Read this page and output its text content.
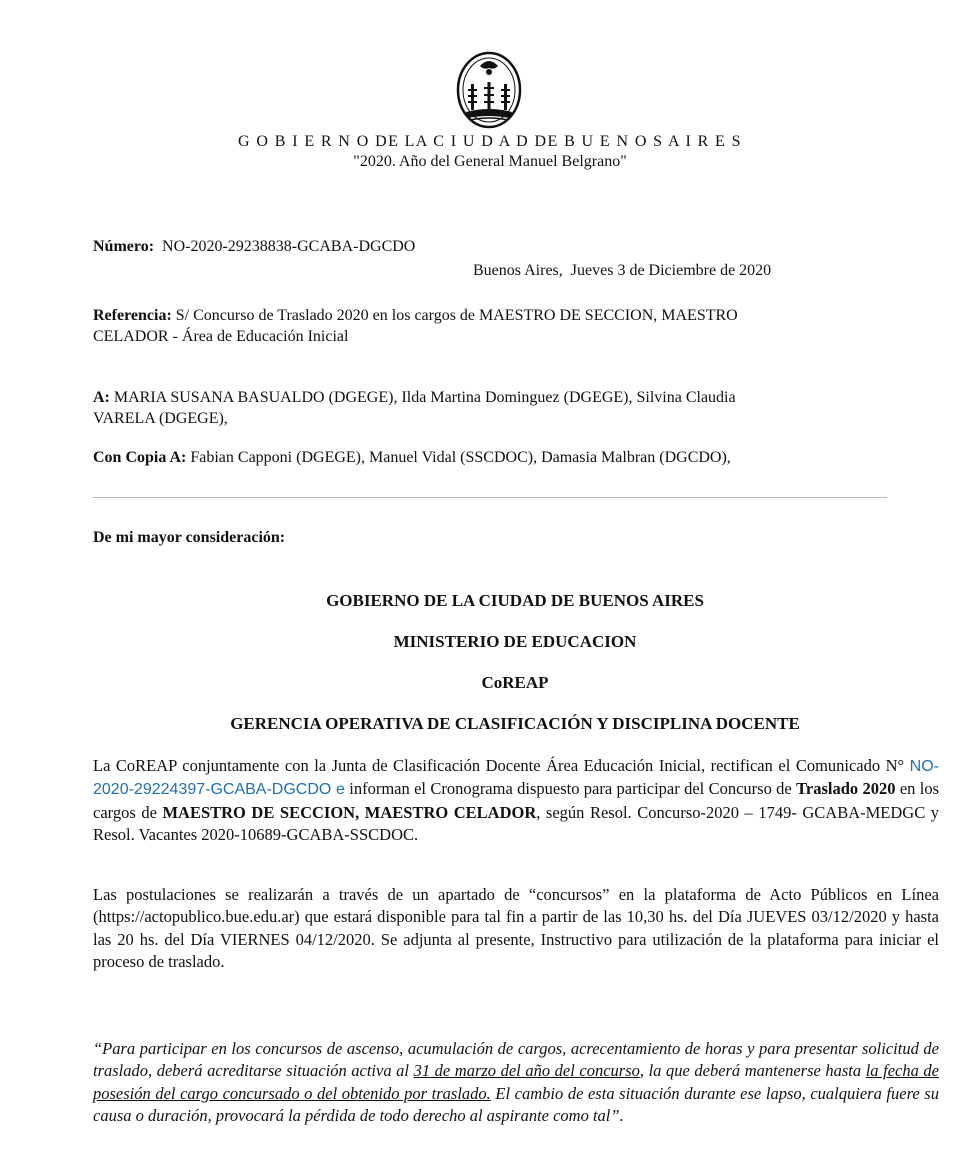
G O B I E R N O DE LA C I U D A D DE B U E N O S A I R E S
"2020. Año del General Manuel Belgrano"
Número: NO-2020-29238838-GCABA-DGCDO
Buenos Aires, Jueves 3 de Diciembre de 2020
Referencia: S/ Concurso de Traslado 2020 en los cargos de MAESTRO DE SECCION, MAESTRO
CELADOR - Área de Educación Inicial
A: MARIA SUSANA BASUALDO (DGEGE), Ilda Martina Dominguez (DGEGE), Silvina Claudia
VARELA (DGEGE),
Con Copia A: Fabian Capponi (DGEGE), Manuel Vidal (SSCDOC), Damasia Malbran (DGCDO),
De mi mayor consideración:
GOBIERNO DE LA CIUDAD DE BUENOS AIRES
MINISTERIO DE EDUCACION
CoREAP
GERENCIA OPERATIVA DE CLASIFICACIÓN Y DISCIPLINA DOCENTE
La CoREAP conjuntamente con la Junta de Clasificación Docente Área Educación Inicial, rectifican el Comunicado N° NO-2020-29224397-GCABA-DGCDO e informan el Cronograma dispuesto para participar del Concurso de Traslado 2020 en los cargos de MAESTRO DE SECCION, MAESTRO CELADOR, según Resol. Concurso-2020 – 1749- GCABA-MEDGC y Resol. Vacantes 2020-10689-GCABA-SSCDOC.
Las postulaciones se realizarán a través de un apartado de “concursos” en la plataforma de Acto Públicos en Línea (https://actopublico.bue.edu.ar) que estará disponible para tal fin a partir de las 10,30 hs. del Día JUEVES 03/12/2020 y hasta las 20 hs. del Día VIERNES 04/12/2020. Se adjunta al presente, Instructivo para utilización de la plataforma para iniciar el proceso de traslado.
“Para participar en los concursos de ascenso, acumulación de cargos, acrecentamiento de horas y para presentar solicitud de traslado, deberá acreditarse situación activa al 31 de marzo del año del concurso, la que deberá mantenerse hasta la fecha de posesión del cargo concursado o del obtenido por traslado. El cambio de esta situación durante ese lapso, cualquiera fuere su causa o duración, provocará la pérdida de todo derecho al aspirante como tal”.
